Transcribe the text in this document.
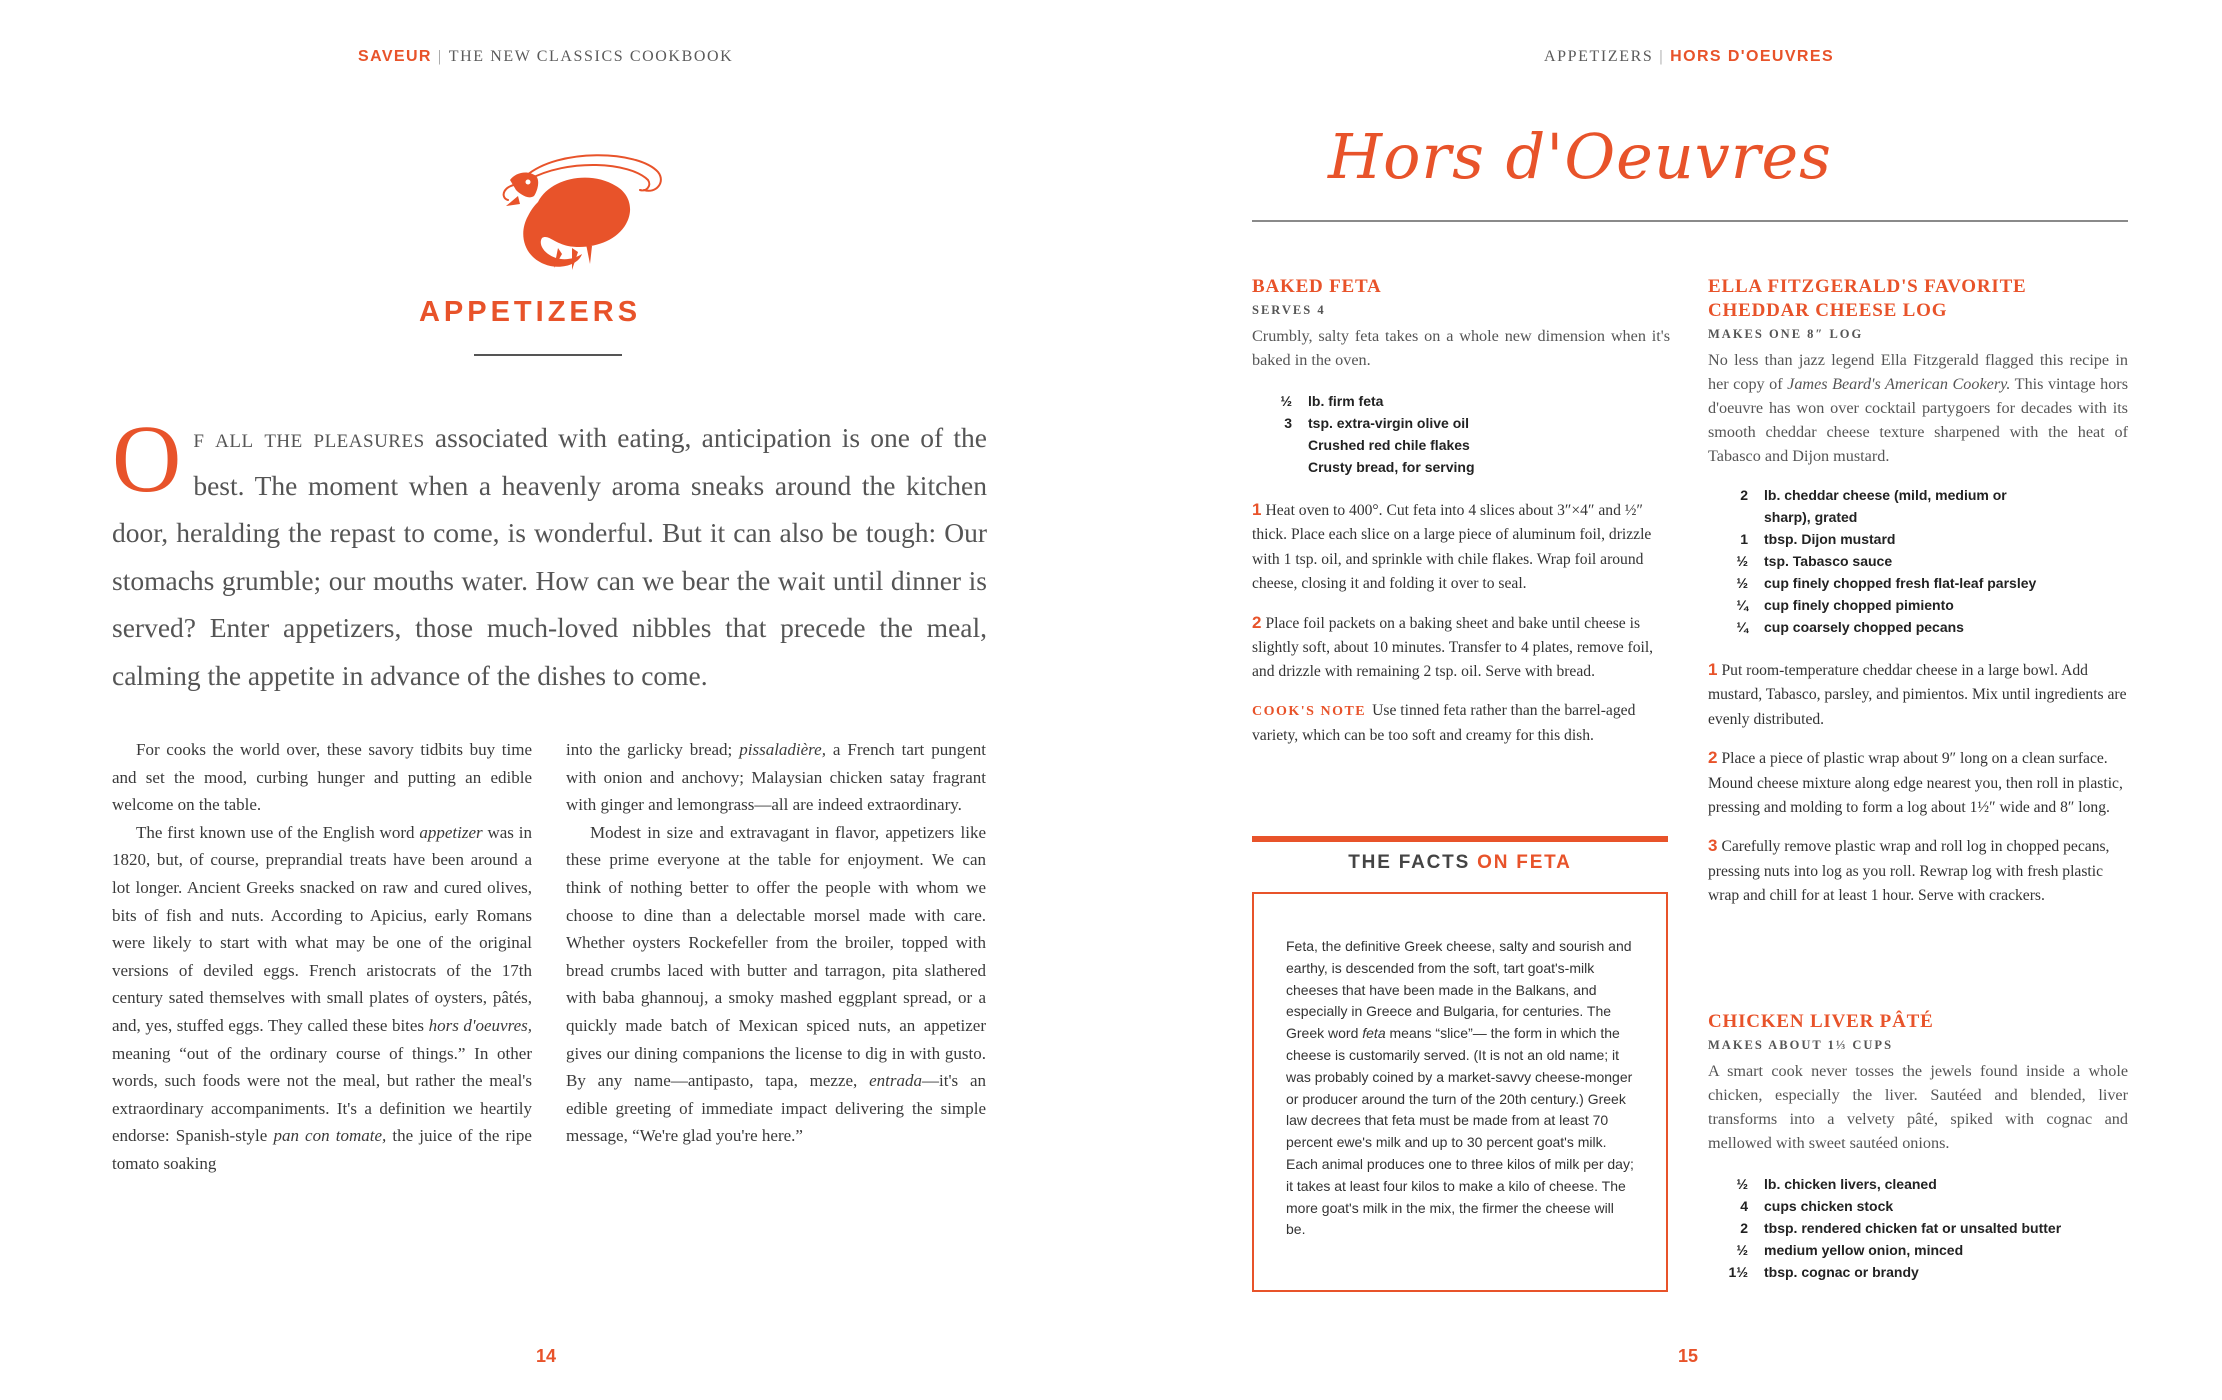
SAVEUR | THE NEW CLASSICS COOKBOOK
APPETIZERS
Of all the pleasures associated with eating, anticipation is one of the best. The moment when a heavenly aroma sneaks around the kitchen door, heralding the repast to come, is wonderful. But it can also be tough: Our stomachs grumble; our mouths water. How can we bear the wait until dinner is served? Enter appetizers, those much-loved nibbles that precede the meal, calming the appetite in advance of the dishes to come.

For cooks the world over, these savory tidbits buy time and set the mood, curbing hunger and putting an edible welcome on the table.

The first known use of the English word appetizer was in 1820, but, of course, preprandial treats have been around a lot longer. Ancient Greeks snacked on raw and cured olives, bits of fish and nuts. According to Apicius, early Romans were likely to start with what may be one of the original versions of deviled eggs. French aristocrats of the 17th century sated themselves with small plates of oysters, pâtés, and, yes, stuffed eggs. They called these bites hors d'oeuvres, meaning “out of the ordinary course of things.” In other words, such foods were not the meal, but rather the meal's extraordinary accompaniments. It's a definition we heartily endorse: Spanish-style pan con tomate, the juice of the ripe tomato soaking

into the garlicky bread; pissaladière, a French tart pungent with onion and anchovy; Malaysian chicken satay fragrant with ginger and lemongrass—all are indeed extraordinary.

Modest in size and extravagant in flavor, appetizers like these prime everyone at the table for enjoyment. We can think of nothing better to offer the people with whom we choose to dine than a delectable morsel made with care. Whether oysters Rockefeller from the broiler, topped with bread crumbs laced with butter and tarragon, pita slathered with baba ghannouj, a smoky mashed eggplant spread, or a quickly made batch of Mexican spiced nuts, an appetizer gives our dining companions the license to dig in with gusto. By any name—antipasto, tapa, mezze, entrada—it's an edible greeting of immediate impact delivering the simple message, “We're glad you're here.”

14
APPETIZERS | HORS D'OEUVRES
Hors d'Oeuvres
BAKED FETA
SERVES 4
Crumbly, salty feta takes on a whole new dimension when it's baked in the oven.
½	lb. firm feta
3	tsp. extra-virgin olive oil
Crushed red chile flakes
Crusty bread, for serving
1 Heat oven to 400°. Cut feta into 4 slices about 3″×4″ and ½″ thick. Place each slice on a large piece of aluminum foil, drizzle with 1 tsp. oil, and sprinkle with chile flakes. Wrap foil around cheese, closing it and folding it over to seal.
2 Place foil packets on a baking sheet and bake until cheese is slightly soft, about 10 minutes. Transfer to 4 plates, remove foil, and drizzle with remaining 2 tsp. oil. Serve with bread.
COOK'S NOTE Use tinned feta rather than the barrel-aged variety, which can be too soft and creamy for this dish.
THE FACTS ON FETA
Feta, the definitive Greek cheese, salty and sourish and earthy, is descended from the soft, tart goat's-milk cheeses that have been made in the Balkans, and especially in Greece and Bulgaria, for centuries. The Greek word feta means “slice”— the form in which the cheese is customarily served. (It is not an old name; it was probably coined by a market-savvy cheese-monger or producer around the turn of the 20th century.) Greek law decrees that feta must be made from at least 70 percent ewe's milk and up to 30 percent goat's milk. Each animal produces one to three kilos of milk per day; it takes at least four kilos to make a kilo of cheese. The more goat's milk in the mix, the firmer the cheese will be.
ELLA FITZGERALD'S FAVORITE
CHEDDAR CHEESE LOG
MAKES ONE 8″ LOG
No less than jazz legend Ella Fitzgerald flagged this recipe in her copy of James Beard's American Cookery. This vintage hors d'oeuvre has won over cocktail partygoers for decades with its smooth cheddar cheese texture sharpened with the heat of Tabasco and Dijon mustard.
2	lb. cheddar cheese (mild, medium or sharp), grated
1	tbsp. Dijon mustard
½	tsp. Tabasco sauce
½	cup finely chopped fresh flat-leaf parsley
¼	cup finely chopped pimiento
¼	cup coarsely chopped pecans
1 Put room-temperature cheddar cheese in a large bowl. Add mustard, Tabasco, parsley, and pimientos. Mix until ingredients are evenly distributed.
2 Place a piece of plastic wrap about 9″ long on a clean surface. Mound cheese mixture along edge nearest you, then roll in plastic, pressing and molding to form a log about 1½″ wide and 8″ long.
3 Carefully remove plastic wrap and roll log in chopped pecans, pressing nuts into log as you roll. Rewrap log with fresh plastic wrap and chill for at least 1 hour. Serve with crackers.
CHICKEN LIVER PÂTÉ
MAKES ABOUT 1⅓ CUPS
A smart cook never tosses the jewels found inside a whole chicken, especially the liver. Sautéed and blended, liver transforms into a velvety pâté, spiked with cognac and mellowed with sweet sautéed onions.
½	lb. chicken livers, cleaned
4	cups chicken stock
2	tbsp. rendered chicken fat or unsalted butter
½	medium yellow onion, minced
1½	tbsp. cognac or brandy
15
